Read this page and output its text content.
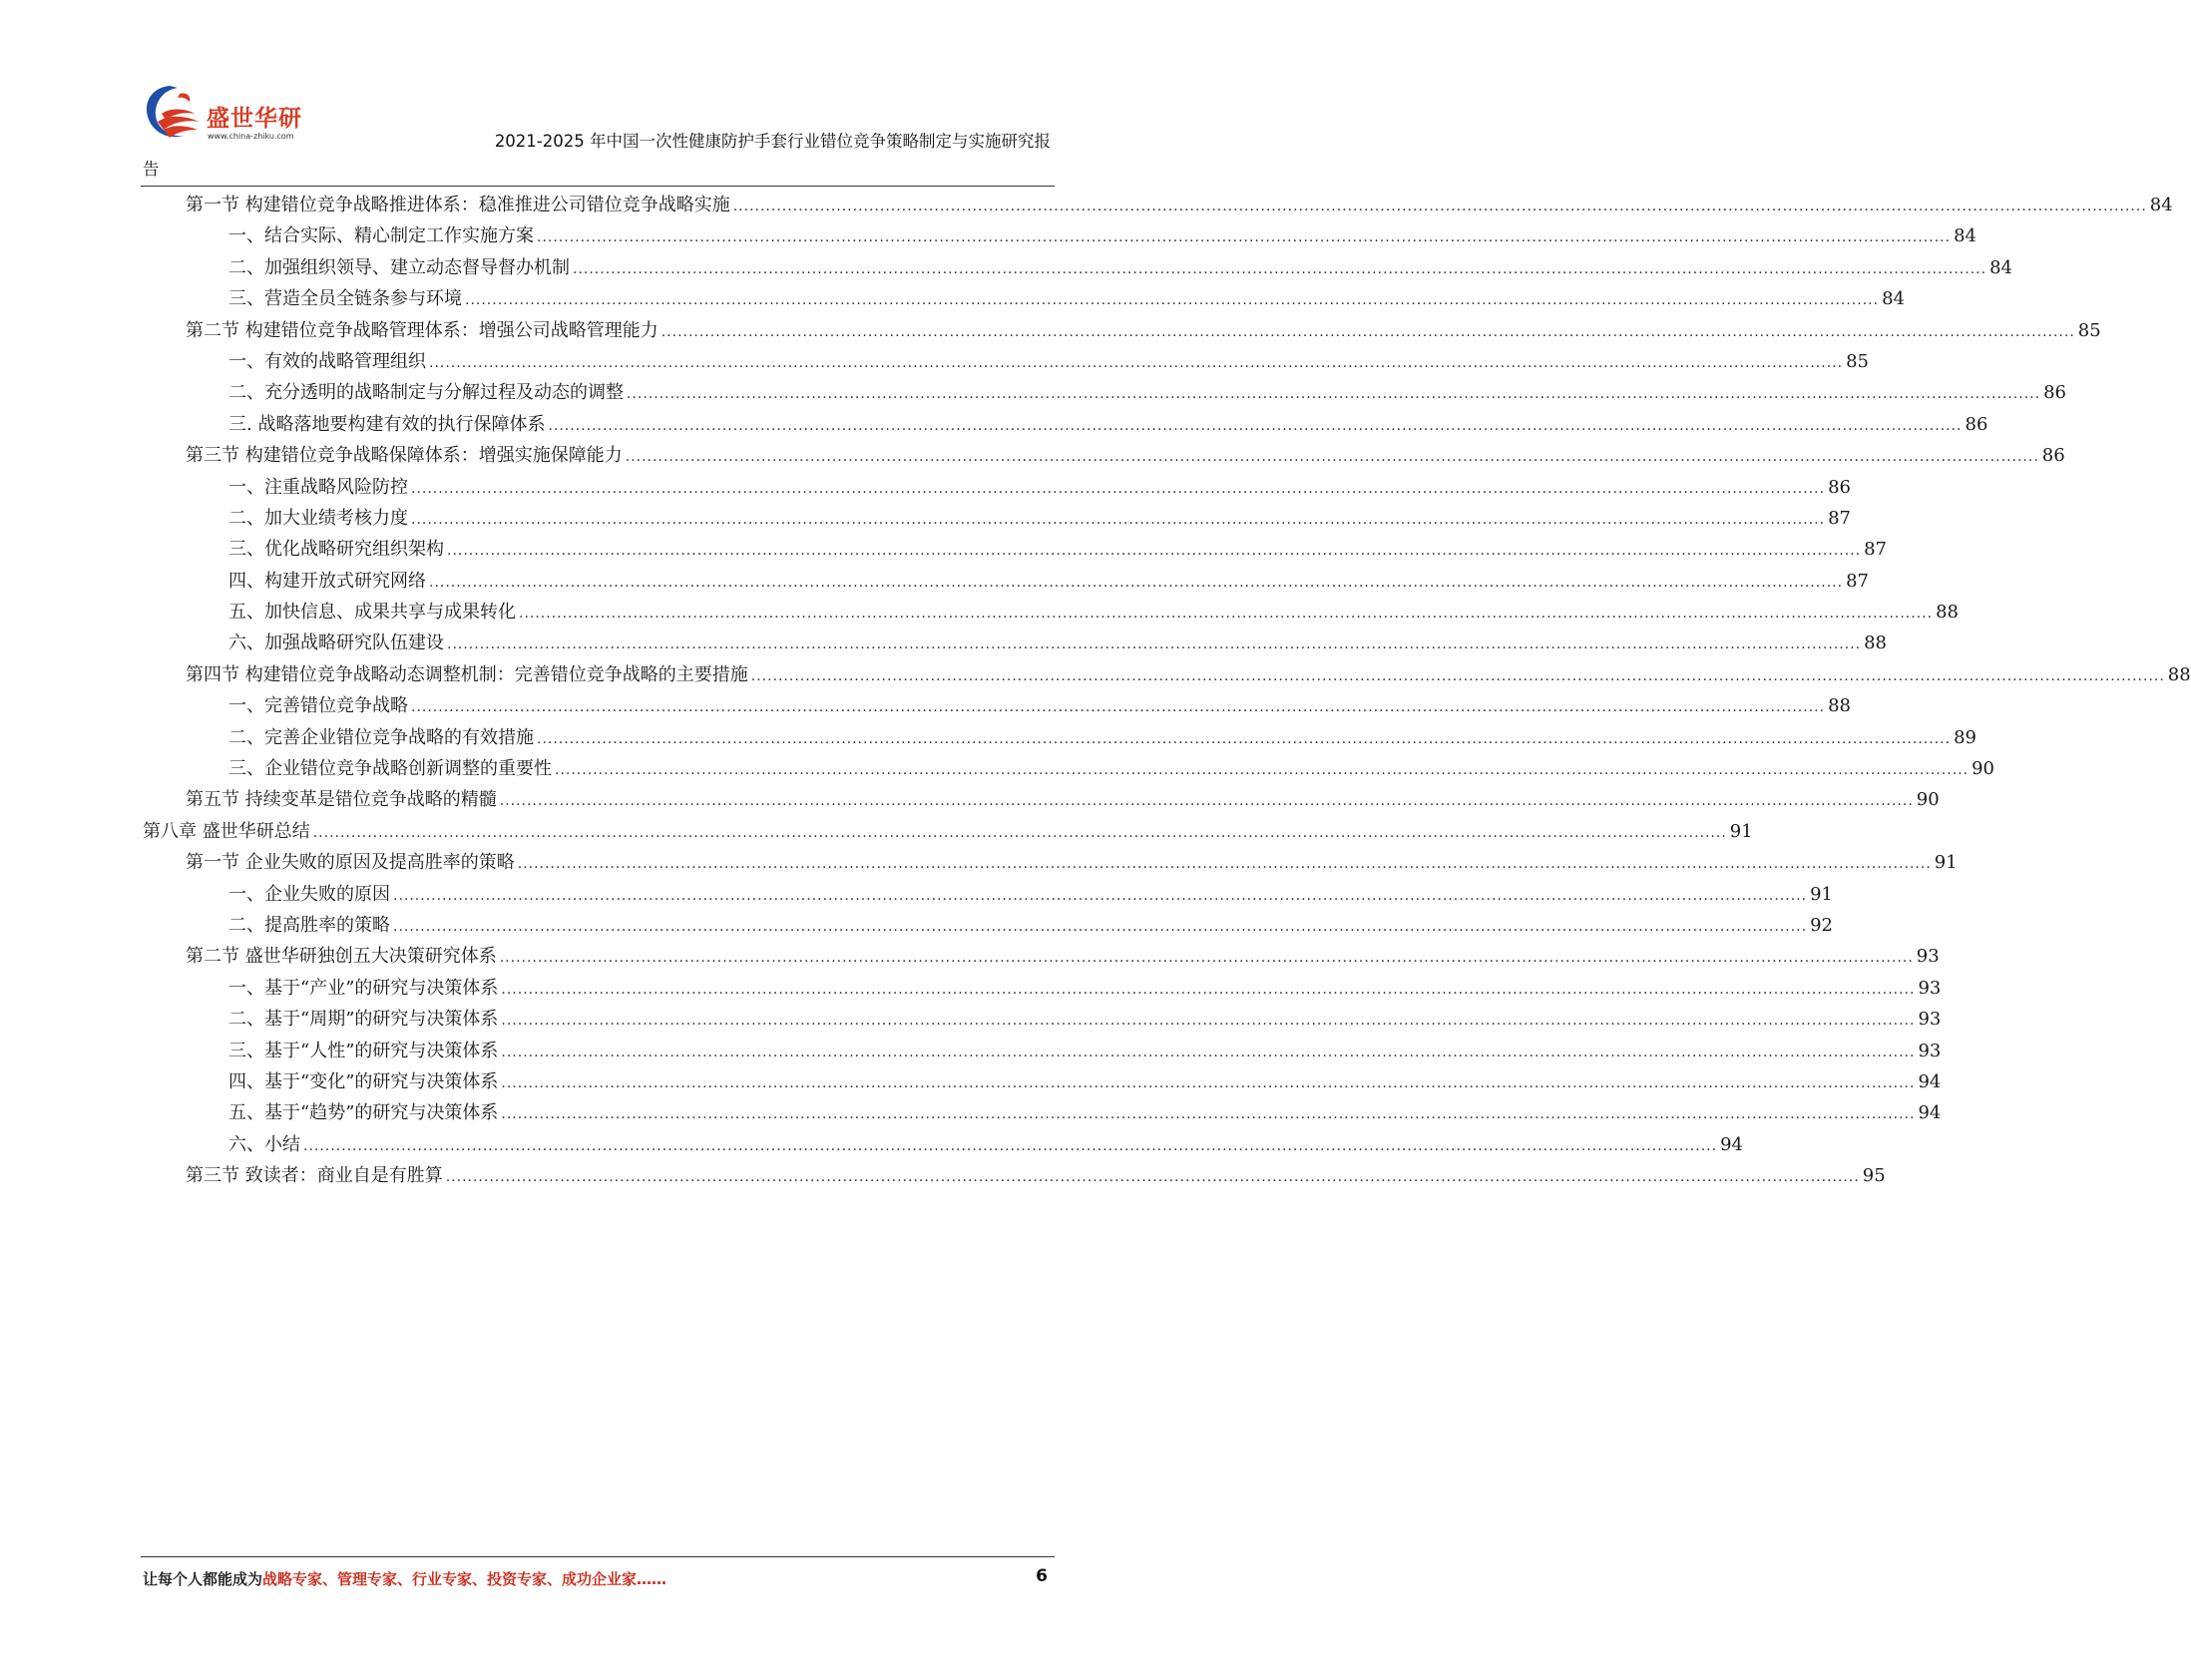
盛世华研
www.china-zhiku.com	2021-2025 年中国一次性健康防护手套行业错位竞争策略制定与实施研究报
告
第一节 构建错位竞争战略推进体系：稳准推进公司错位竞争战略实施 .................................................................................................................................................................................................................................................................... 84
一、结合实际、精心制定工作实施方案 .................................................................................................................................................................................................................................................................... 84
二、加强组织领导、建立动态督导督办机制 .................................................................................................................................................................................................................................................................... 84
三、营造全员全链条参与环境 .................................................................................................................................................................................................................................................................... 84
第二节 构建错位竞争战略管理体系：增强公司战略管理能力 .................................................................................................................................................................................................................................................................... 85
一、有效的战略管理组织 .................................................................................................................................................................................................................................................................... 85
二、充分透明的战略制定与分解过程及动态的调整 .................................................................................................................................................................................................................................................................... 86
三. 战略落地要构建有效的执行保障体系 .................................................................................................................................................................................................................................................................... 86
第三节 构建错位竞争战略保障体系：增强实施保障能力 .................................................................................................................................................................................................................................................................... 86
一、注重战略风险防控 .................................................................................................................................................................................................................................................................... 86
二、加大业绩考核力度 .................................................................................................................................................................................................................................................................... 87
三、优化战略研究组织架构 .................................................................................................................................................................................................................................................................... 87
四、构建开放式研究网络 .................................................................................................................................................................................................................................................................... 87
五、加快信息、成果共享与成果转化 .................................................................................................................................................................................................................................................................... 88
六、加强战略研究队伍建设 .................................................................................................................................................................................................................................................................... 88
第四节 构建错位竞争战略动态调整机制：完善错位竞争战略的主要措施 .................................................................................................................................................................................................................................................................... 88
一、完善错位竞争战略 .................................................................................................................................................................................................................................................................... 88
二、完善企业错位竞争战略的有效措施 .................................................................................................................................................................................................................................................................... 89
三、企业错位竞争战略创新调整的重要性 .................................................................................................................................................................................................................................................................... 90
第五节 持续变革是错位竞争战略的精髓 .................................................................................................................................................................................................................................................................... 90
第八章 盛世华研总结 .................................................................................................................................................................................................................................................................... 91
第一节 企业失败的原因及提高胜率的策略 .................................................................................................................................................................................................................................................................... 91
一、企业失败的原因 .................................................................................................................................................................................................................................................................... 91
二、提高胜率的策略 .................................................................................................................................................................................................................................................................... 92
第二节 盛世华研独创五大决策研究体系 .................................................................................................................................................................................................................................................................... 93
一、基于“产业”的研究与决策体系 .................................................................................................................................................................................................................................................................... 93
二、基于“周期”的研究与决策体系 .................................................................................................................................................................................................................................................................... 93
三、基于“人性”的研究与决策体系 .................................................................................................................................................................................................................................................................... 93
四、基于“变化”的研究与决策体系 .................................................................................................................................................................................................................................................................... 94
五、基于“趋势”的研究与决策体系 .................................................................................................................................................................................................................................................................... 94
六、小结 .................................................................................................................................................................................................................................................................... 94
第三节 致读者：商业自是有胜算 .................................................................................................................................................................................................................................................................... 95
让每个人都能成为战略专家、管理专家、行业专家、投资专家、成功企业家……	6
